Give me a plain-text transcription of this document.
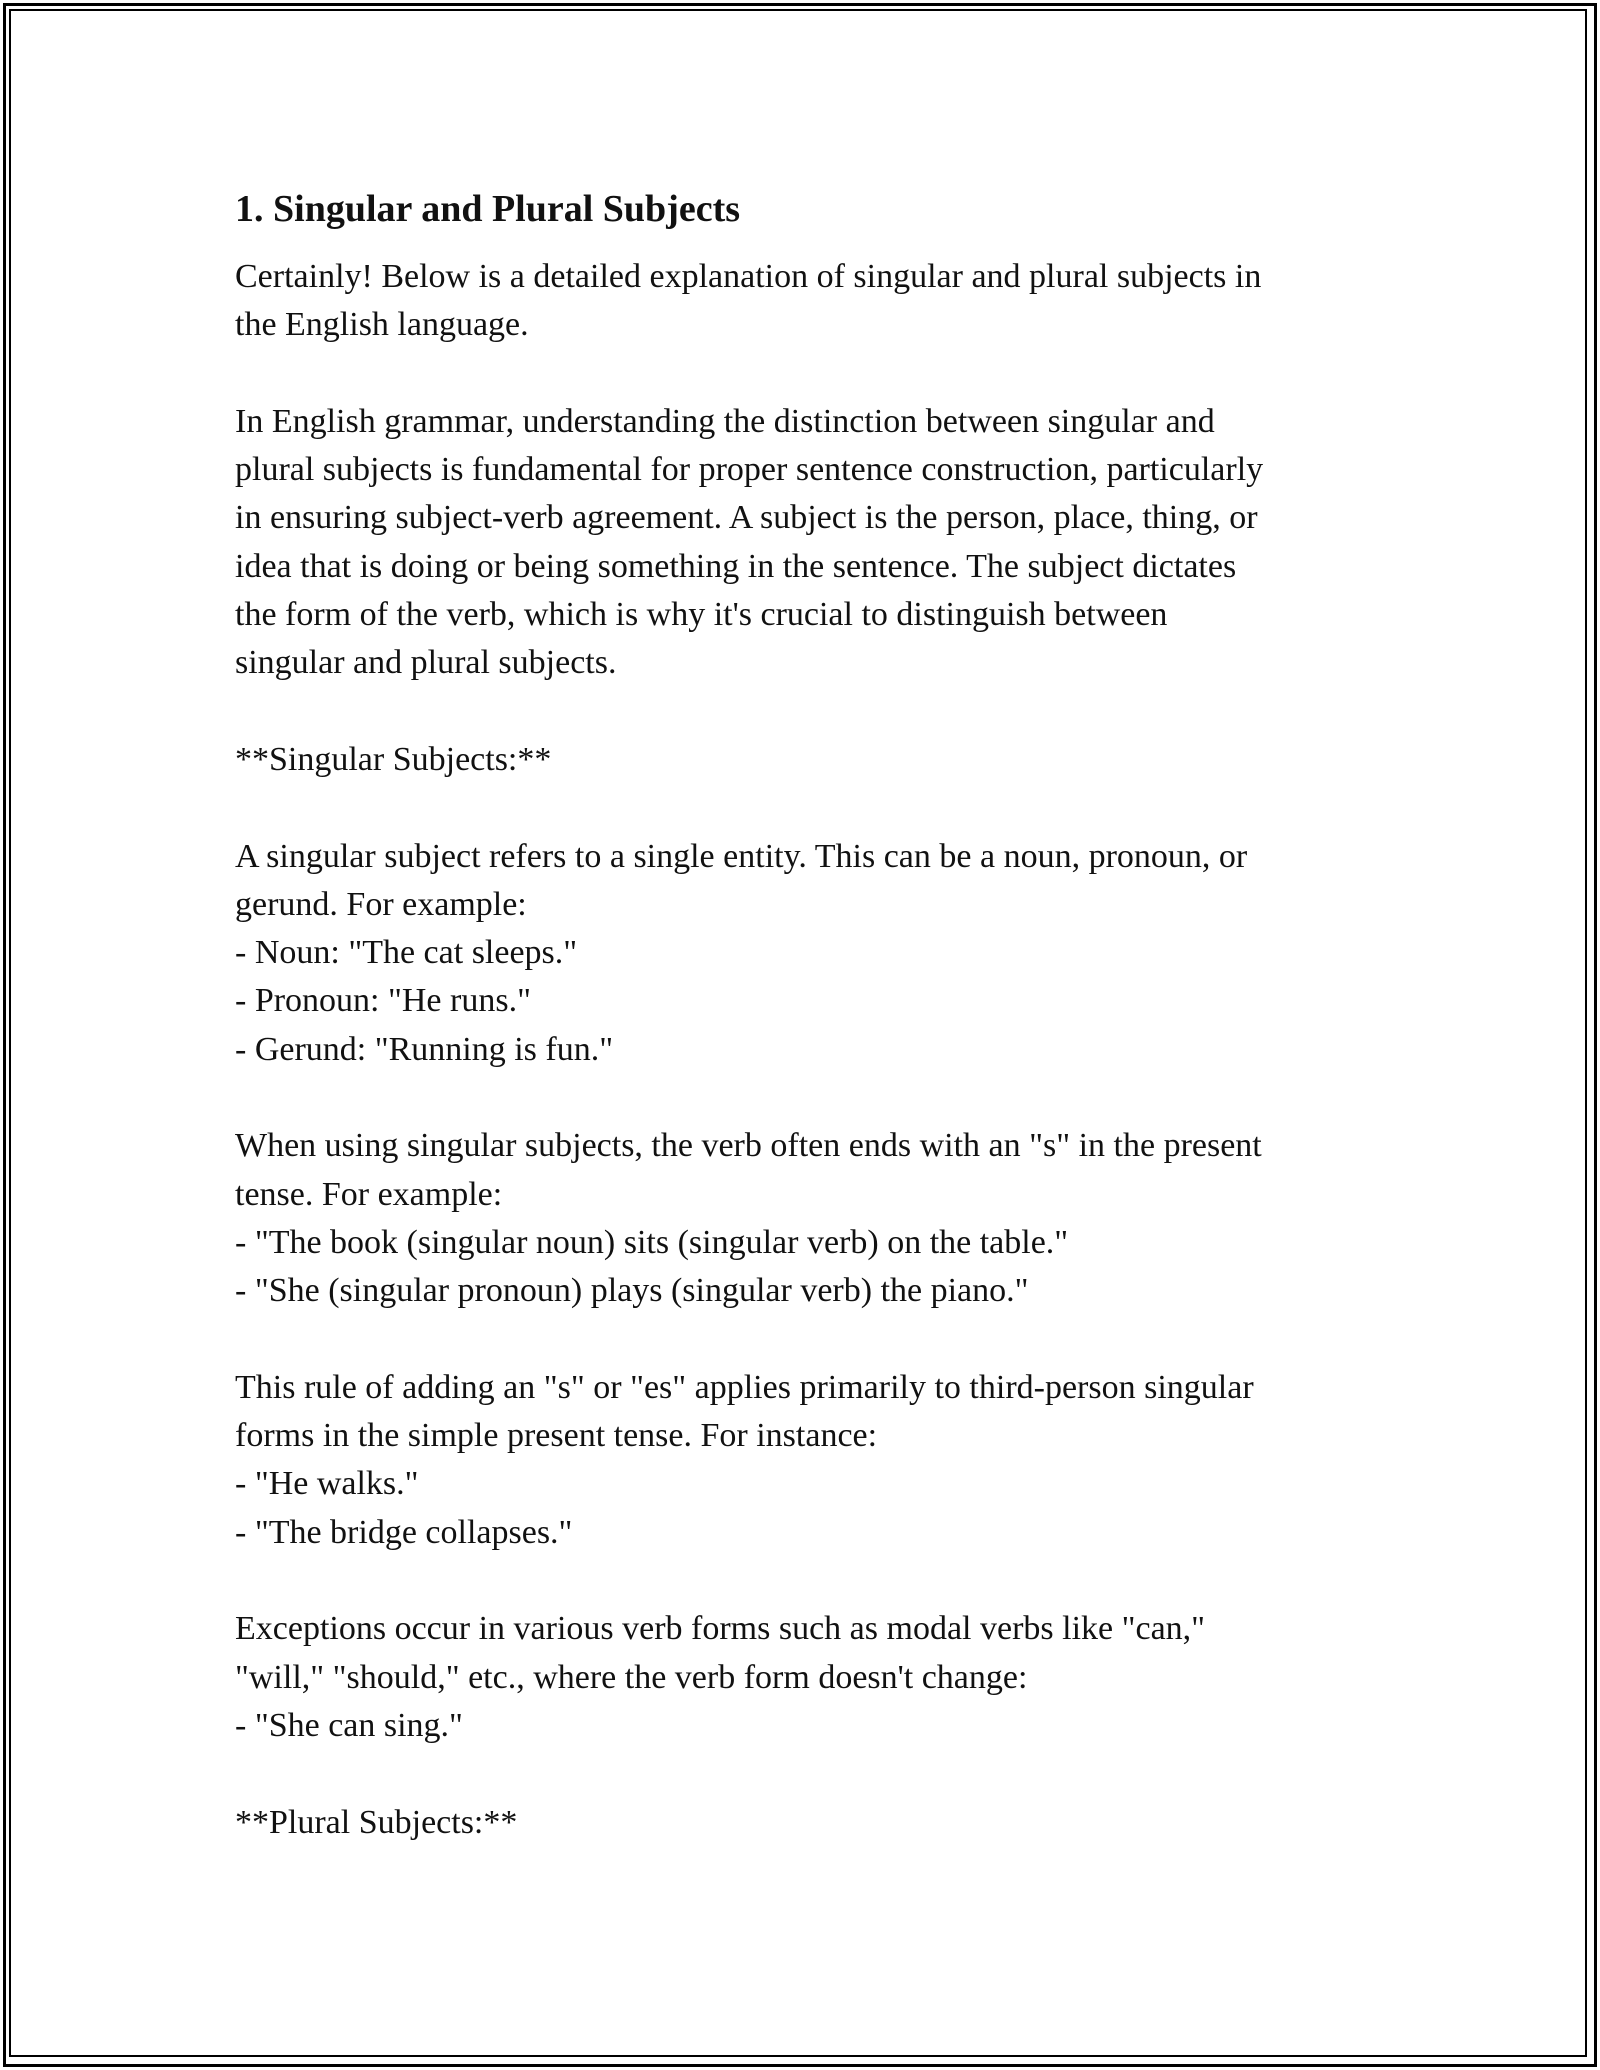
1. Singular and Plural Subjects
Certainly! Below is a detailed explanation of singular and plural subjects in
the English language.
In English grammar, understanding the distinction between singular and
plural subjects is fundamental for proper sentence construction, particularly
in ensuring subject-verb agreement. A subject is the person, place, thing, or
idea that is doing or being something in the sentence. The subject dictates
the form of the verb, which is why it's crucial to distinguish between
singular and plural subjects.
**Singular Subjects:**
A singular subject refers to a single entity. This can be a noun, pronoun, or
gerund. For example:
- Noun: "The cat sleeps."
- Pronoun: "He runs."
- Gerund: "Running is fun."
When using singular subjects, the verb often ends with an "s" in the present
tense. For example:
- "The book (singular noun) sits (singular verb) on the table."
- "She (singular pronoun) plays (singular verb) the piano."
This rule of adding an "s" or "es" applies primarily to third-person singular
forms in the simple present tense. For instance:
- "He walks."
- "The bridge collapses."
Exceptions occur in various verb forms such as modal verbs like "can,"
"will," "should," etc., where the verb form doesn't change:
- "She can sing."
**Plural Subjects:**
